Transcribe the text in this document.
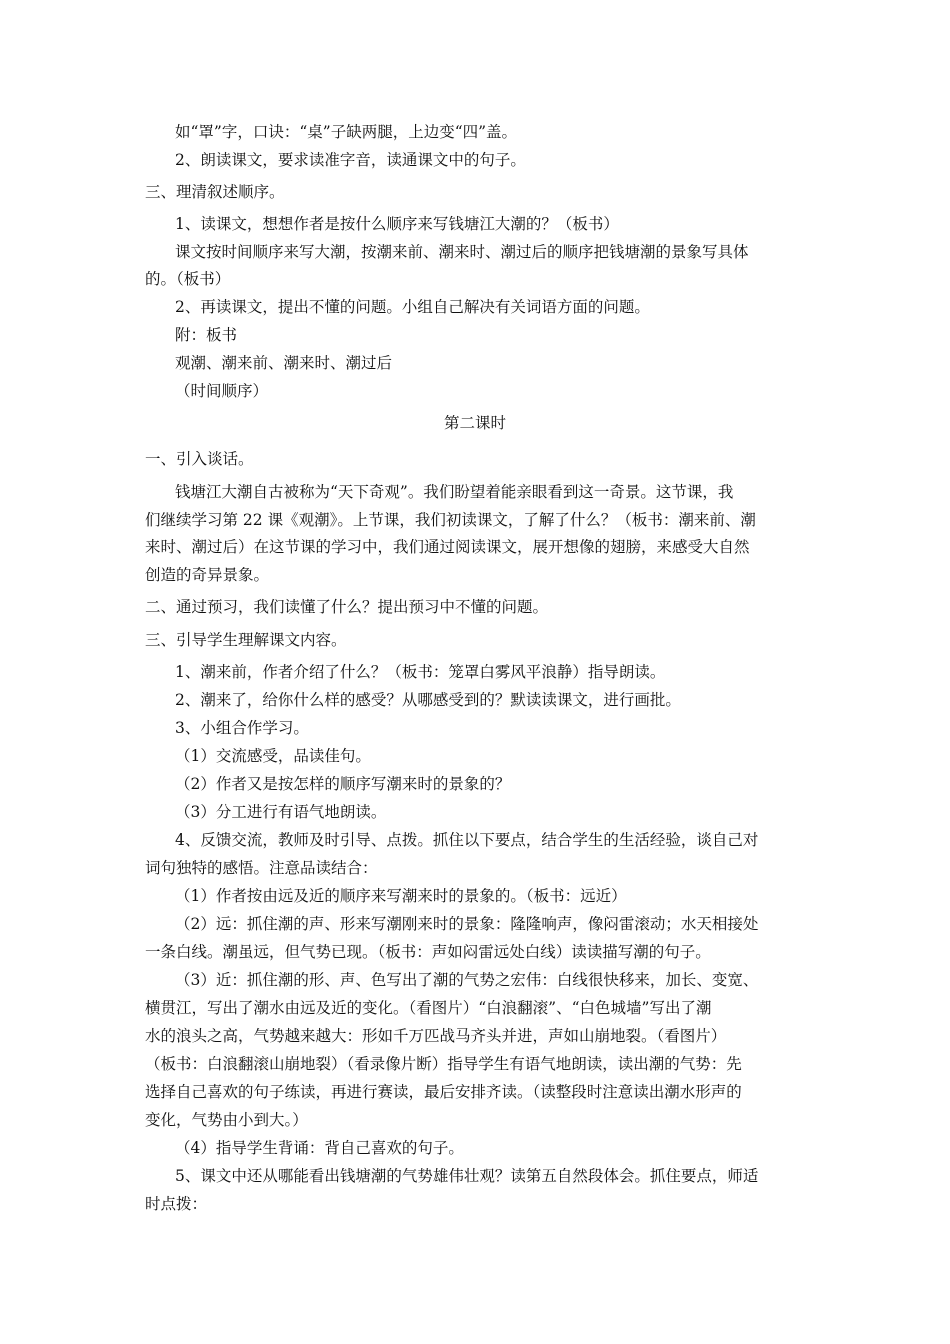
如“罩”字，口诀：“桌”子缺两腿，上边变“四”盖。
2、朗读课文，要求读准字音，读通课文中的句子。
三、理清叙述顺序。
1、读课文，想想作者是按什么顺序来写钱塘江大潮的？（板书）
课文按时间顺序来写大潮，按潮来前、潮来时、潮过后的顺序把钱塘潮的景象写具体
的。（板书）
2、再读课文，提出不懂的问题。小组自己解决有关词语方面的问题。
附：板书
观潮、潮来前、潮来时、潮过后
（时间顺序）
第二课时
一、引入谈话。
钱塘江大潮自古被称为“天下奇观”。我们盼望着能亲眼看到这一奇景。这节课，我
们继续学习第 22 课《观潮》。上节课，我们初读课文，了解了什么？（板书：潮来前、潮
来时、潮过后）在这节课的学习中，我们通过阅读课文，展开想像的翅膀，来感受大自然
创造的奇异景象。
二、通过预习，我们读懂了什么？提出预习中不懂的问题。
三、引导学生理解课文内容。
1、潮来前，作者介绍了什么？（板书：笼罩白雾风平浪静）指导朗读。
2、潮来了，给你什么样的感受？从哪感受到的？默读读课文，进行画批。
3、小组合作学习。
（1）交流感受，品读佳句。
（2）作者又是按怎样的顺序写潮来时的景象的？
（3）分工进行有语气地朗读。
4、反馈交流，教师及时引导、点拨。抓住以下要点，结合学生的生活经验，谈自己对
词句独特的感悟。注意品读结合：
（1）作者按由远及近的顺序来写潮来时的景象的。（板书：远近）
（2）远：抓住潮的声、形来写潮刚来时的景象：隆隆响声，像闷雷滚动；水天相接处
一条白线。潮虽远，但气势已现。（板书：声如闷雷远处白线）读读描写潮的句子。
（3）近：抓住潮的形、声、色写出了潮的气势之宏伟：白线很快移来，加长、变宽、
横贯江，写出了潮水由远及近的变化。（看图片）“白浪翻滚”、“白色城墙”写出了潮
水的浪头之高，气势越来越大：形如千万匹战马齐头并进，声如山崩地裂。（看图片）
（板书：白浪翻滚山崩地裂）（看录像片断）指导学生有语气地朗读，读出潮的气势：先
选择自己喜欢的句子练读，再进行赛读，最后安排齐读。（读整段时注意读出潮水形声的
变化，气势由小到大。）
（4）指导学生背诵：背自己喜欢的句子。
5、课文中还从哪能看出钱塘潮的气势雄伟壮观？读第五自然段体会。抓住要点，师适
时点拨：
